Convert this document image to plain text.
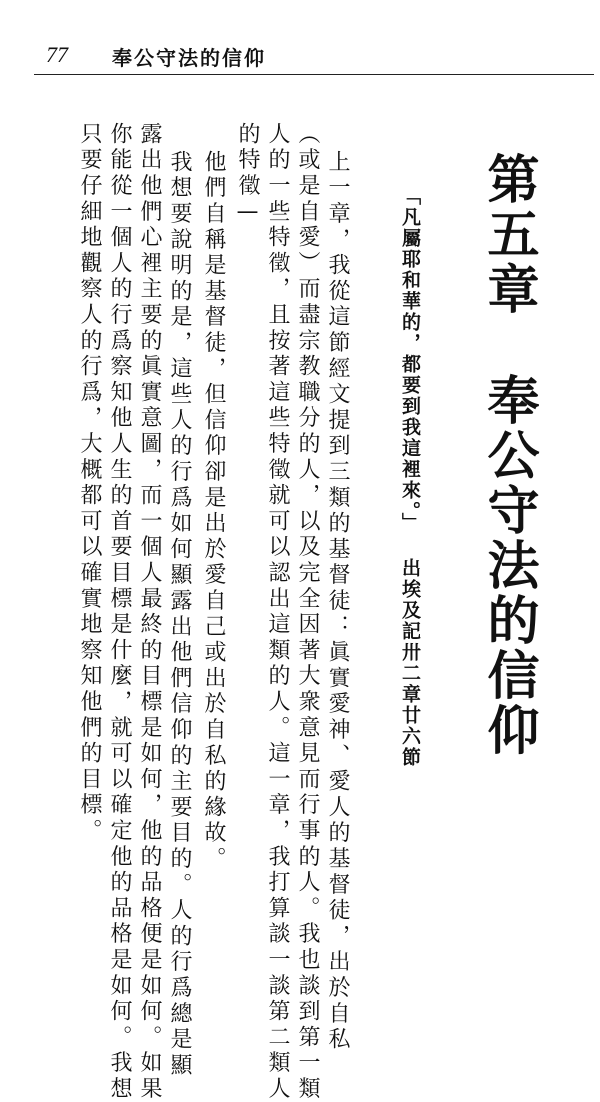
77 奉公守法的信仰
第五章
奉公守法的信仰
「凡屬耶和華的，都要到我這裡來。」
出埃及記卅二章廿六節
上一章，我從這節經文提到三類的基督徒：眞實愛神、愛人的基督徒，出於自私
（或是自愛）而盡宗教職分的人，以及完全因著大衆意見而行事的人。我也談到第一類
人的一些特徵，且按著這些特徵就可以認出這類的人。這一章，我打算談一談第二類人
的特徵—
他們自稱是基督徒，但信仰卻是出於愛自己或出於自私的緣故。
我想要說明的是，這些人的行爲如何顯露出他們信仰的主要目的。人的行爲總是顯
露出他們心裡主要的眞實意圖，而一個人最終的目標是如何，他的品格便是如何。如果
你能從一個人的行爲察知他人生的首要目標是什麼，就可以確定他的品格是如何。我想
只要仔細地觀察人的行爲，大概都可以確實地察知他們的目標。
